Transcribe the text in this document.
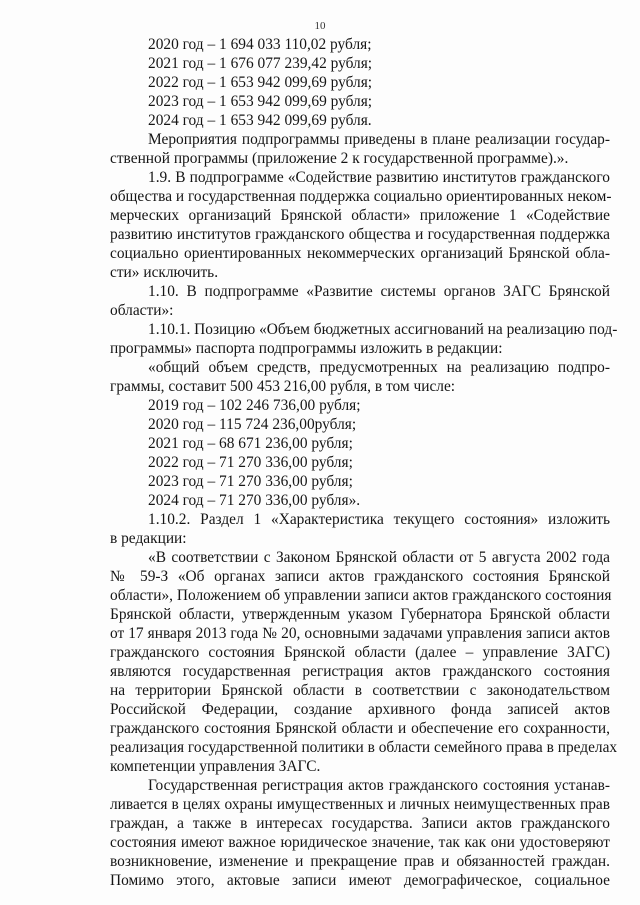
10
2020 год – 1 694 033 110,02 рубля;
2021 год – 1 676 077 239,42 рубля;
2022 год – 1 653 942 099,69 рубля;
2023 год – 1 653 942 099,69 рубля;
2024 год – 1 653 942 099,69 рубля.
Мероприятия подпрограммы приведены в плане реализации государ-
ственной программы (приложение 2 к государственной программе).».
1.9. В подпрограмме «Содействие развитию институтов гражданского
общества и государственная поддержка социально ориентированных неком-
мерческих организаций Брянской области» приложение 1 «Содействие
развитию институтов гражданского общества и государственная поддержка
социально ориентированных некоммерческих организаций Брянской обла-
сти» исключить.
1.10. В подпрограмме «Развитие системы органов ЗАГС Брянской
области»:
1.10.1. Позицию «Объем бюджетных ассигнований на реализацию под-
программы» паспорта подпрограммы изложить в редакции:
«общий объем средств, предусмотренных на реализацию подпро-
граммы, составит 500 453 216,00 рубля, в том числе:
2019 год – 102 246 736,00 рубля;
2020 год – 115 724 236,00рубля;
2021 год – 68 671 236,00 рубля;
2022 год – 71 270 336,00 рубля;
2023 год – 71 270 336,00 рубля;
2024 год – 71 270 336,00 рубля».
1.10.2. Раздел 1 «Характеристика текущего состояния» изложить
в редакции:
«В соответствии с Законом Брянской области от 5 августа 2002 года
№ 59-З «Об органах записи актов гражданского состояния Брянской
области», Положением об управлении записи актов гражданского состояния
Брянской области, утвержденным указом Губернатора Брянской области
от 17 января 2013 года № 20, основными задачами управления записи актов
гражданского состояния Брянской области (далее – управление ЗАГС)
являются государственная регистрация актов гражданского состояния
на территории Брянской области в соответствии с законодательством
Российской Федерации, создание архивного фонда записей актов
гражданского состояния Брянской области и обеспечение его сохранности,
реализация государственной политики в области семейного права в пределах
компетенции управления ЗАГС.
Государственная регистрация актов гражданского состояния устанав-
ливается в целях охраны имущественных и личных неимущественных прав
граждан, а также в интересах государства. Записи актов гражданского
состояния имеют важное юридическое значение, так как они удостоверяют
возникновение, изменение и прекращение прав и обязанностей граждан.
Помимо этого, актовые записи имеют демографическое, социальное
